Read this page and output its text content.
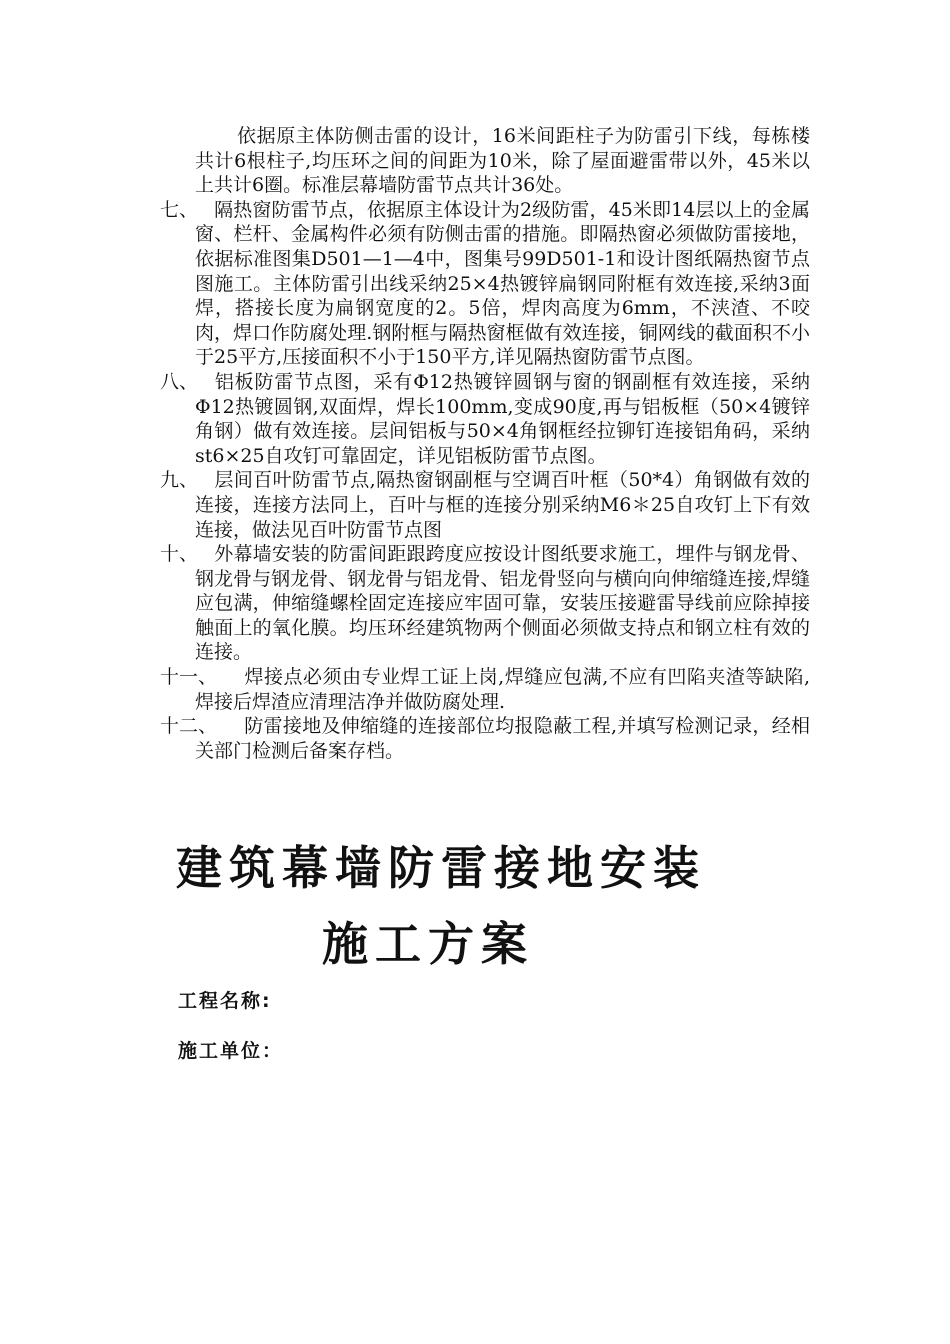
依据原主体防侧击雷的设计，16米间距柱子为防雷引下线，每栋楼共计6根柱子,均压环之间的间距为10米，除了屋面避雷带以外，45米以上共计6圈。标准层幕墙防雷节点共计36处。

七、 隔热窗防雷节点，依据原主体设计为2级防雷，45米即14层以上的金属窗、栏杆、金属构件必须有防侧击雷的措施。即隔热窗必须做防雷接地，依据标准图集D501—1—4中，图集号99D501-1和设计图纸隔热窗节点图施工。主体防雷引出线采纳25×4热镀锌扁钢同附框有效连接,采纳3面焊，搭接长度为扁钢宽度的2。5倍，焊肉高度为6mm，不浃渣、不咬肉，焊口作防腐处理.钢附框与隔热窗框做有效连接，铜网线的截面积不小于25平方,压接面积不小于150平方,详见隔热窗防雷节点图。

八、 铝板防雷节点图，采有Φ12热镀锌圆钢与窗的钢副框有效连接，采纳Φ12热镀圆钢,双面焊，焊长100mm,变成90度,再与铝板框（50×4镀锌角钢）做有效连接。层间铝板与50×4角钢框经拉铆钉连接铝角码，采纳st6×25自攻钉可靠固定，详见铝板防雷节点图。

九、 层间百叶防雷节点,隔热窗钢副框与空调百叶框（50*4）角钢做有效的连接，连接方法同上，百叶与框的连接分别采纳M6＊25自攻钉上下有效连接，做法见百叶防雷节点图

十、 外幕墙安装的防雷间距跟跨度应按设计图纸要求施工，埋件与钢龙骨、钢龙骨与钢龙骨、钢龙骨与铝龙骨、铝龙骨竖向与横向向伸缩缝连接,焊缝应包满，伸缩缝螺栓固定连接应牢固可靠，安装压接避雷导线前应除掉接触面上的氧化膜。均压环经建筑物两个侧面必须做支持点和钢立柱有效的连接。

十一、 焊接点必须由专业焊工证上岗,焊缝应包满,不应有凹陷夹渣等缺陷,焊接后焊渣应清理洁净并做防腐处理.

十二、 防雷接地及伸缩缝的连接部位均报隐蔽工程,并填写检测记录，经相关部门检测后备案存档。

建筑幕墙防雷接地安装
施工方案
工程名称:
施工单位：
